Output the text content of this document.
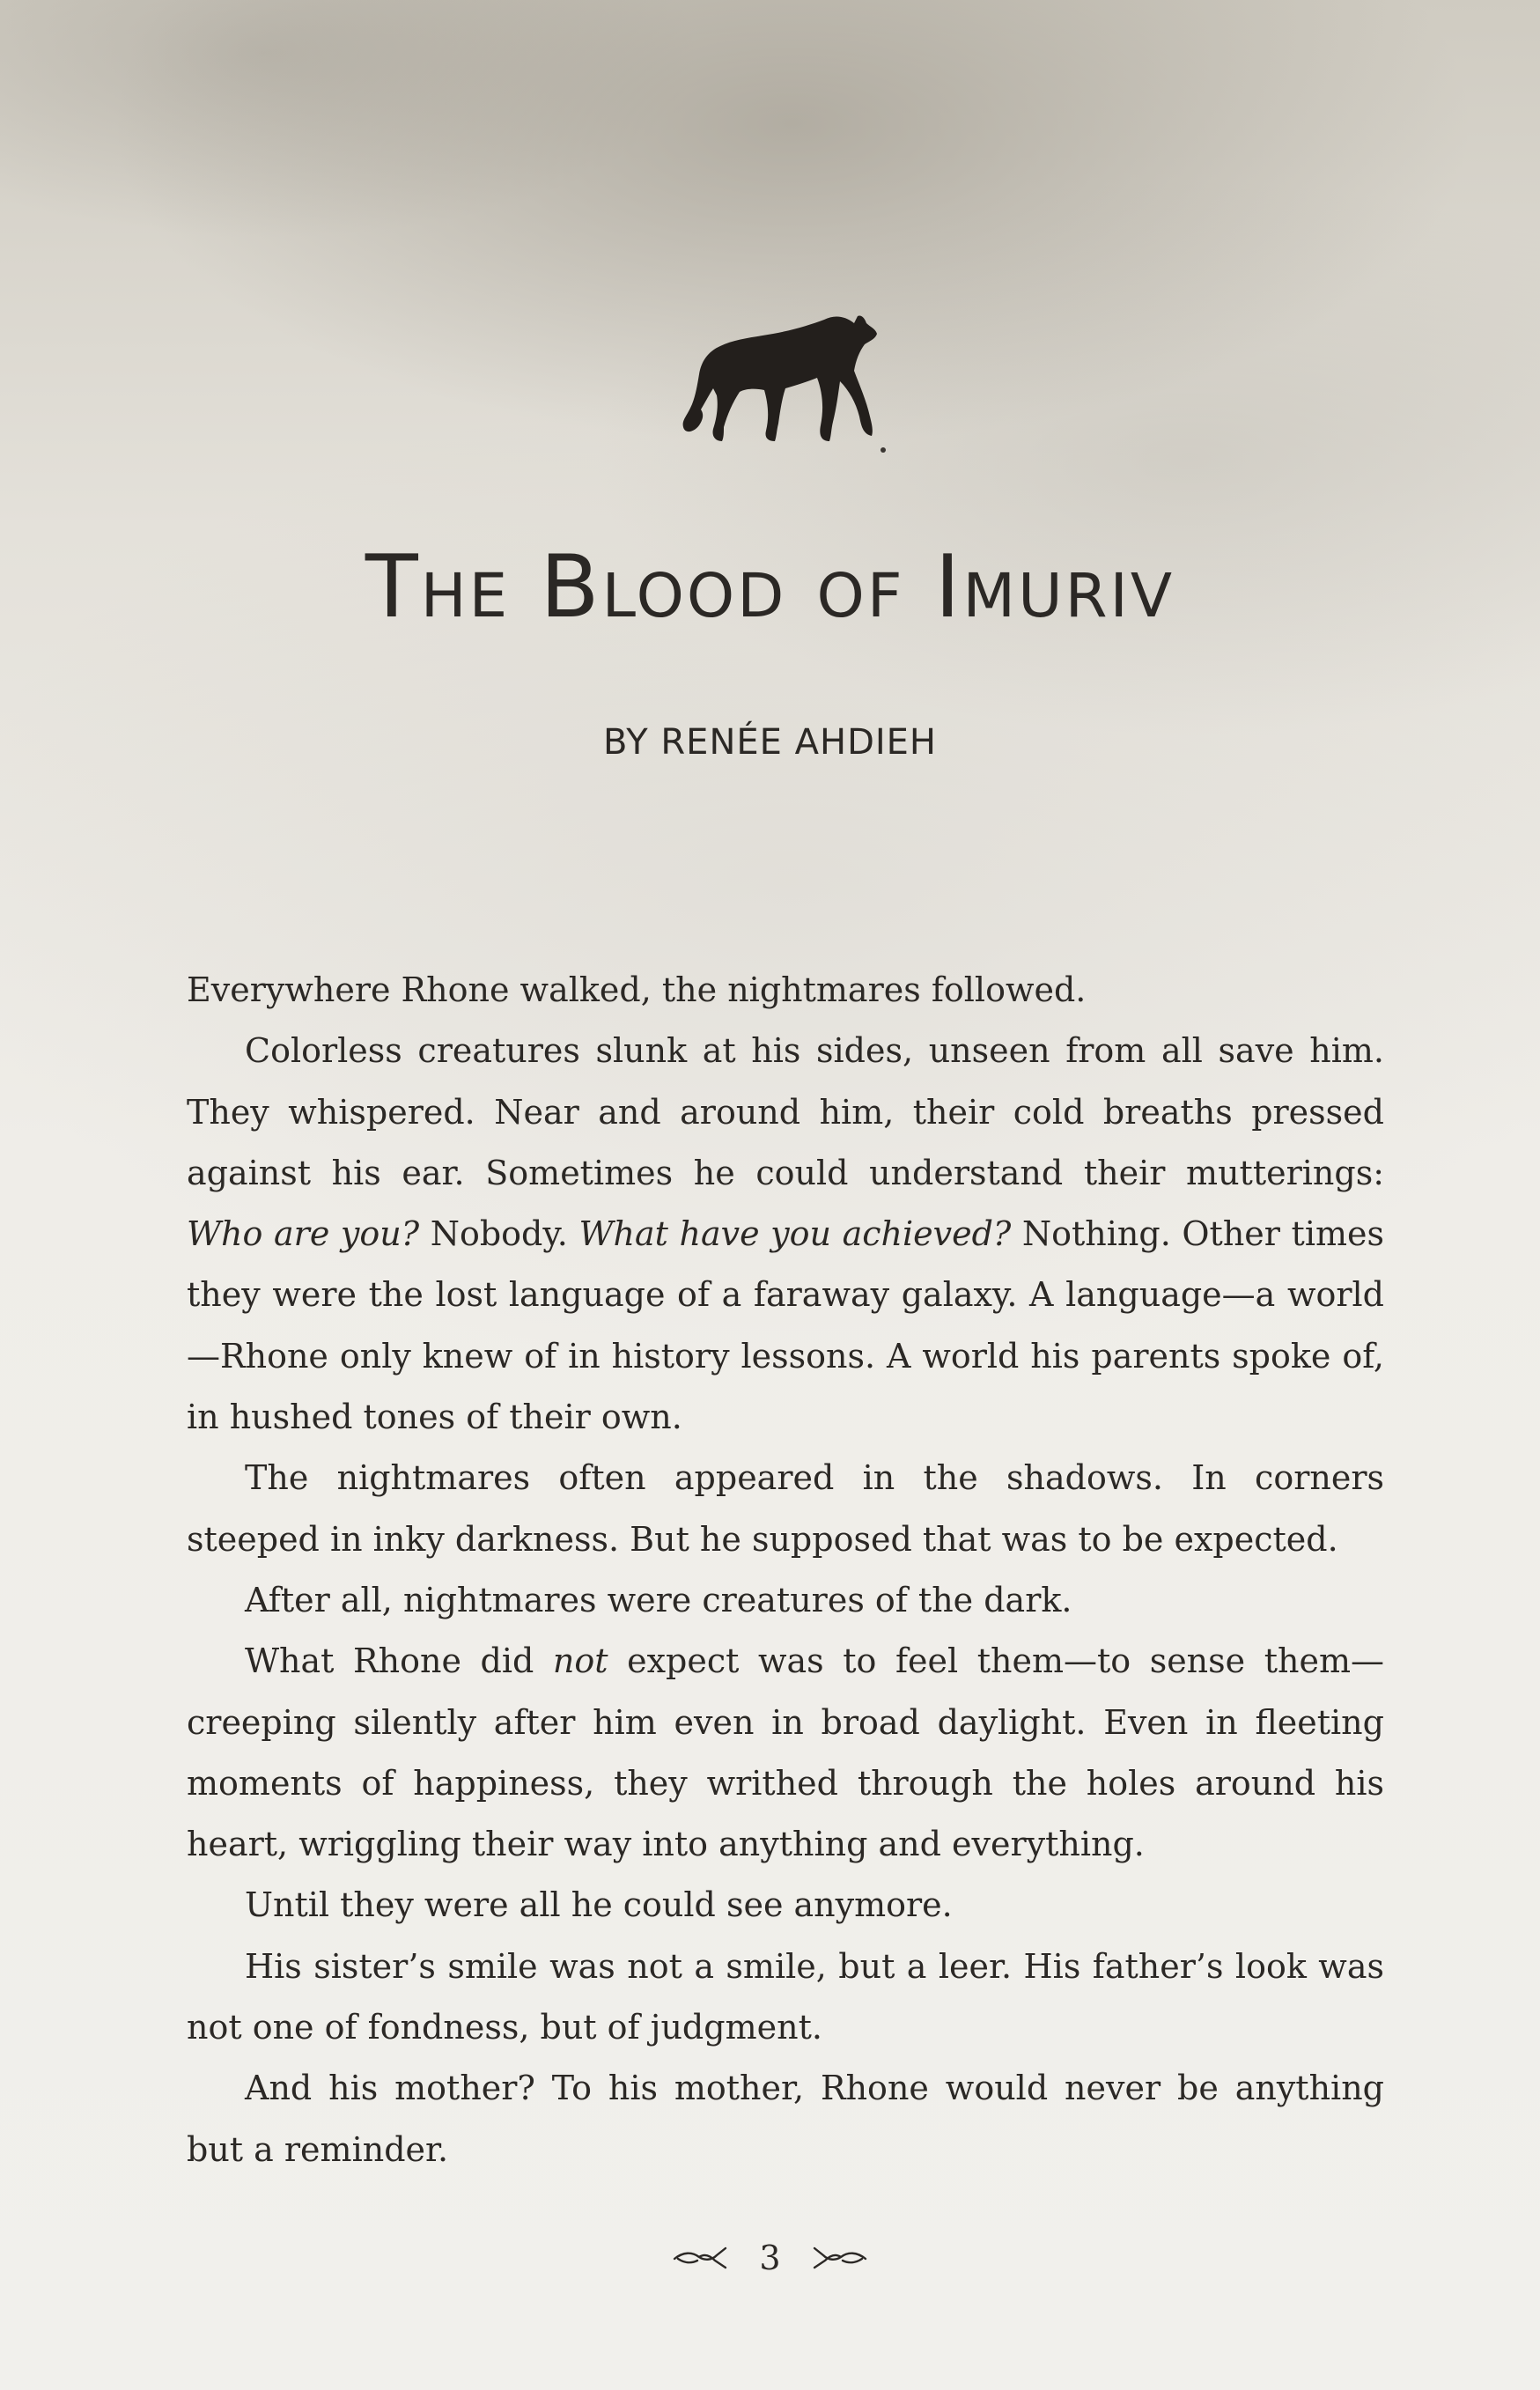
The Blood of Imuriv
BY RENÉE AHDIEH

Everywhere Rhone walked, the nightmares followed.

Colorless creatures slunk at his sides, unseen from all save him. They whispered. Near and around him, their cold breaths pressed against his ear. Sometimes he could understand their mutterings: Who are you? Nobody. What have you achieved? Nothing. Other times they were the lost language of a faraway galaxy. A language—a world—Rhone only knew of in history lessons. A world his parents spoke of, in hushed tones of their own.

The nightmares often appeared in the shadows. In corners steeped in inky darkness. But he supposed that was to be expected.

After all, nightmares were creatures of the dark.

What Rhone did not expect was to feel them—to sense them—creeping silently after him even in broad daylight. Even in fleeting moments of happiness, they writhed through the holes around his heart, wriggling their way into anything and everything.

Until they were all he could see anymore.

His sister’s smile was not a smile, but a leer. His father’s look was not one of fondness, but of judgment.

And his mother? To his mother, Rhone would never be anything but a reminder.

3
